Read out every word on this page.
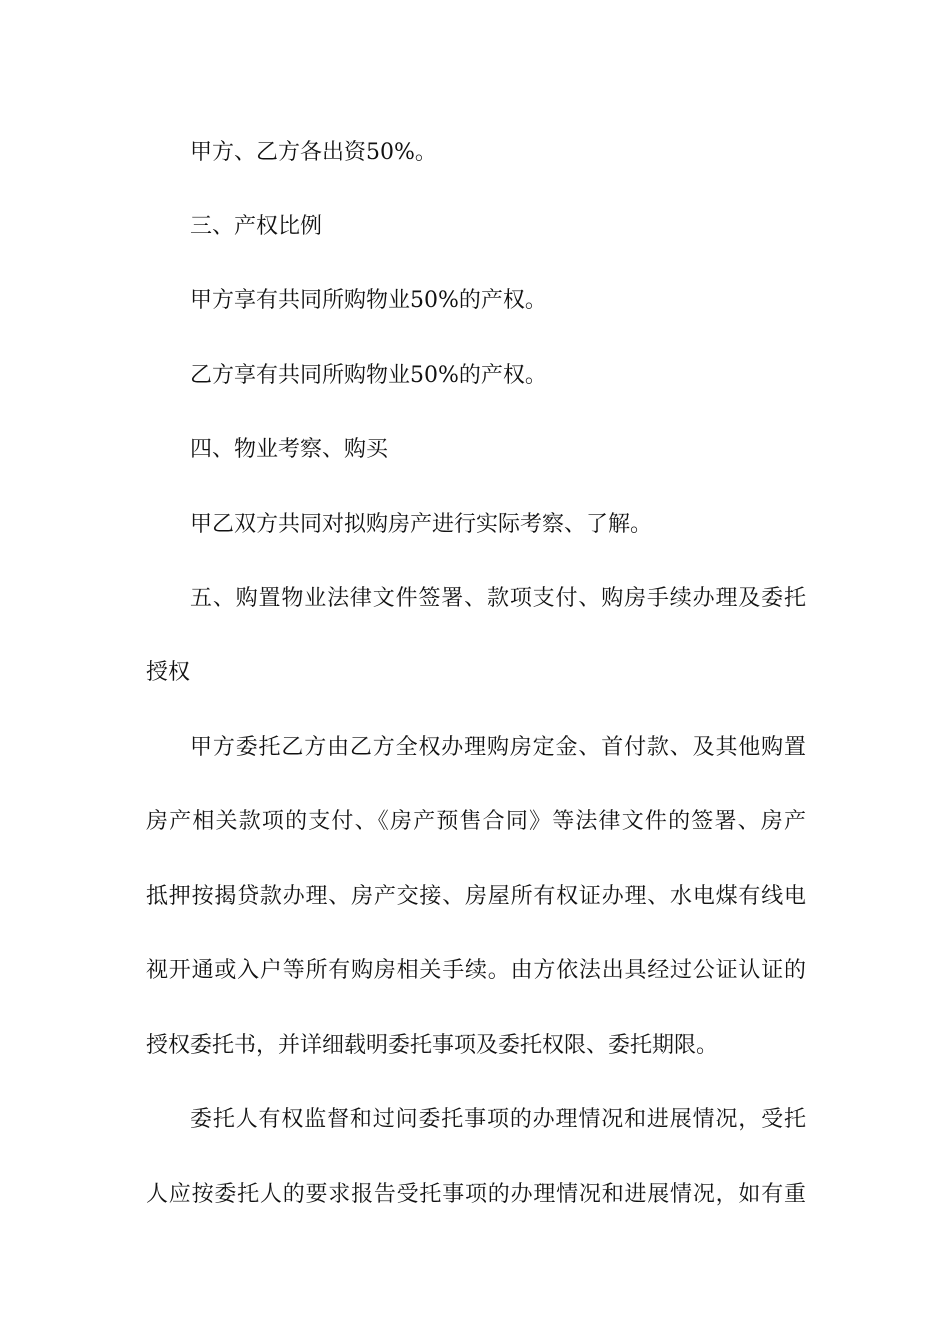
甲方、乙方各出资50%。
三、产权比例
甲方享有共同所购物业50%的产权。
乙方享有共同所购物业50%的产权。
四、物业考察、购买
甲乙双方共同对拟购房产进行实际考察、了解。
五、购置物业法律文件签署、款项支付、购房手续办理及委托
授权
甲方委托乙方由乙方全权办理购房定金、首付款、及其他购置
房产相关款项的支付、《房产预售合同》等法律文件的签署、房产
抵押按揭贷款办理、房产交接、房屋所有权证办理、水电煤有线电
视开通或入户等所有购房相关手续。由方依法出具经过公证认证的
授权委托书，并详细载明委托事项及委托权限、委托期限。
委托人有权监督和过问委托事项的办理情况和进展情况，受托
人应按委托人的要求报告受托事项的办理情况和进展情况，如有重
